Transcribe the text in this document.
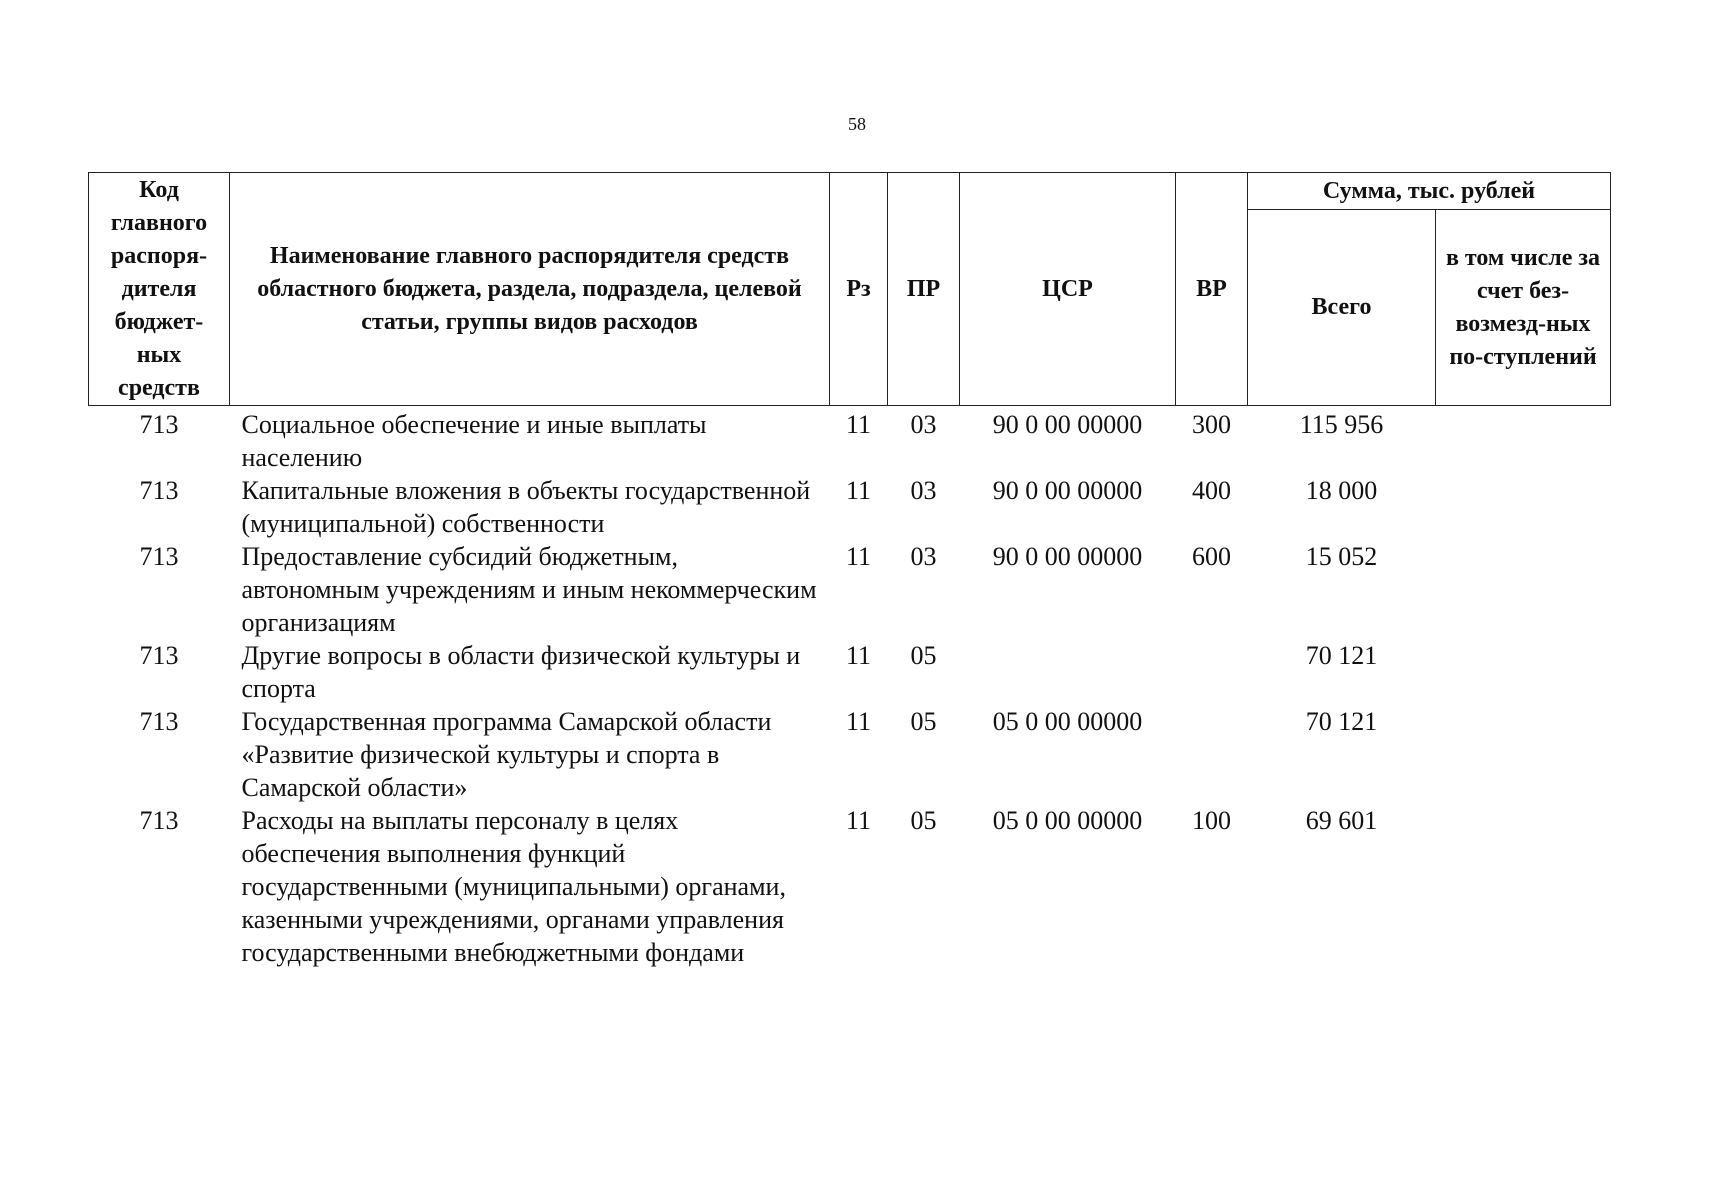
58
Код главного распоря-дителя бюджет-ных средств	Наименование главного распорядителя средств областного бюджета, раздела, подраздела, целевой статьи, группы видов расходов	Рз	ПР	ЦСР	ВР	Сумма, тыс. рублей	
						Всего	в том числе за счет без-возмезд-ных по-ступлений
713	Социальное обеспечение и иные выплаты населению	11	03	90 0 00 00000	300	115 956	
713	Капитальные вложения в объекты государственной (муниципальной) собственности	11	03	90 0 00 00000	400	18 000	
713	Предоставление субсидий бюджетным, автономным учреждениям и иным некоммерческим организациям	11	03	90 0 00 00000	600	15 052	
713	Другие вопросы в области физической культуры и спорта	11	05			70 121	
713	Государственная программа Самарской области «Развитие физической культуры и спорта в Самарской области»	11	05	05 0 00 00000		70 121	
713	Расходы на выплаты персоналу в целях обеспечения выполнения функций государственными (муниципальными) органами, казенными учреждениями, органами управления государственными внебюджетными фондами	11	05	05 0 00 00000	100	69 601	
